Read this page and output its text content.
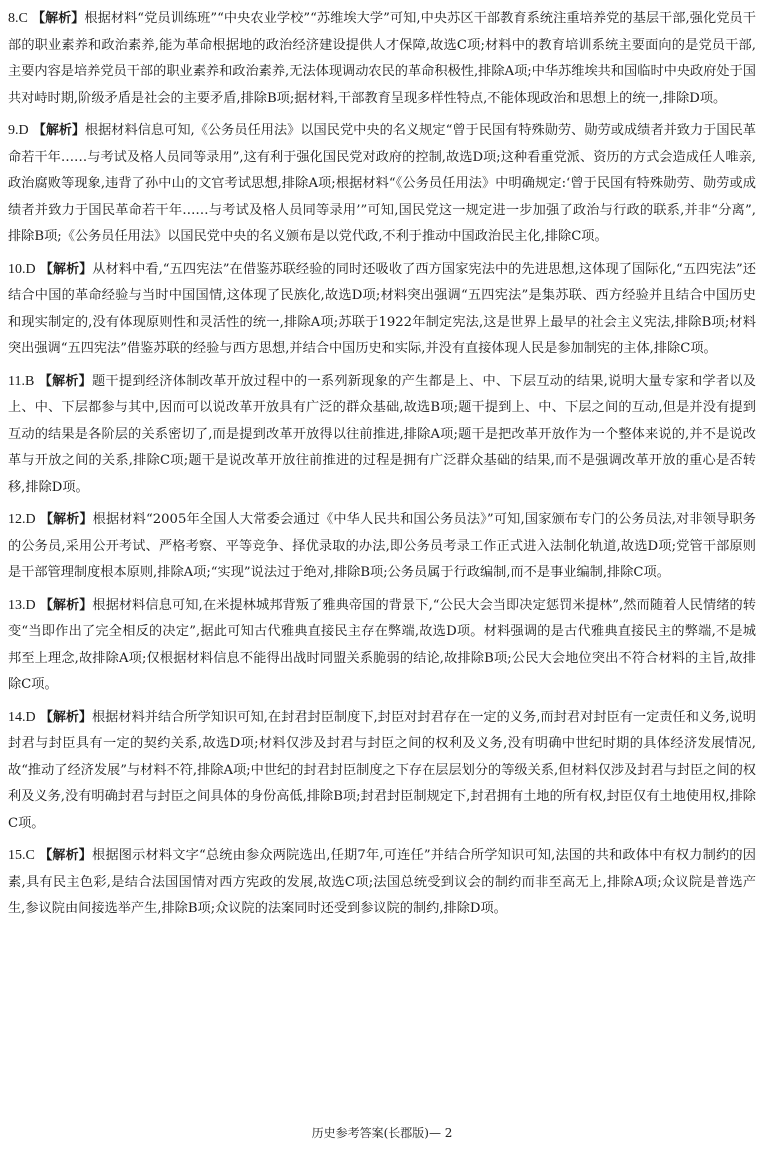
8.C 【解析】根据材料“党员训练班”“中央农业学校”“苏维埃大学”可知,中央苏区干部教育系统注重培养党的基层干部,强化党员干部的职业素养和政治素养,能为革命根据地的政治经济建设提供人才保障,故选C项;材料中的教育培训系统主要面向的是党员干部,主要内容是培养党员干部的职业素养和政治素养,无法体现调动农民的革命积极性,排除A项;中华苏维埃共和国临时中央政府处于国共对峙时期,阶级矛盾是社会的主要矛盾,排除B项;据材料,干部教育呈现多样性特点,不能体现政治和思想上的统一,排除D项。

9.D 【解析】根据材料信息可知,《公务员任用法》以国民党中央的名义规定“曾于民国有特殊勋劳、勋劳或成绩者并致力于国民革命若干年……与考试及格人员同等录用”,这有利于强化国民党对政府的控制,故选D项;这种看重党派、资历的方式会造成任人唯亲,政治腐败等现象,违背了孙中山的文官考试思想,排除A项;根据材料“《公务员任用法》中明确规定:‘曾于民国有特殊勋劳、勋劳或成绩者并致力于国民革命若干年……与考试及格人员同等录用’”可知,国民党这一规定进一步加强了政治与行政的联系,并非“分离”,排除B项;《公务员任用法》以国民党中央的名义颁布是以党代政,不利于推动中国政治民主化,排除C项。

10.D 【解析】从材料中看,“五四宪法”在借鉴苏联经验的同时还吸收了西方国家宪法中的先进思想,这体现了国际化,“五四宪法”还结合中国的革命经验与当时中国国情,这体现了民族化,故选D项;材料突出强调“五四宪法”是集苏联、西方经验并且结合中国历史和现实制定的,没有体现原则性和灵活性的统一,排除A项;苏联于1922年制定宪法,这是世界上最早的社会主义宪法,排除B项;材料突出强调“五四宪法”借鉴苏联的经验与西方思想,并结合中国历史和实际,并没有直接体现人民是参加制宪的主体,排除C项。

11.B 【解析】题干提到经济体制改革开放过程中的一系列新现象的产生都是上、中、下层互动的结果,说明大量专家和学者以及上、中、下层都参与其中,因而可以说改革开放具有广泛的群众基础,故选B项;题干提到上、中、下层之间的互动,但是并没有提到互动的结果是各阶层的关系密切了,而是提到改革开放得以往前推进,排除A项;题干是把改革开放作为一个整体来说的,并不是说改革与开放之间的关系,排除C项;题干是说改革开放往前推进的过程是拥有广泛群众基础的结果,而不是强调改革开放的重心是否转移,排除D项。

12.D 【解析】根据材料“2005年全国人大常委会通过《中华人民共和国公务员法》”可知,国家颁布专门的公务员法,对非领导职务的公务员,采用公开考试、严格考察、平等竞争、择优录取的办法,即公务员考录工作正式进入法制化轨道,故选D项;党管干部原则是干部管理制度根本原则,排除A项;“实现”说法过于绝对,排除B项;公务员属于行政编制,而不是事业编制,排除C项。

13.D 【解析】根据材料信息可知,在米提林城邦背叛了雅典帝国的背景下,“公民大会当即决定惩罚米提林”,然而随着人民情绪的转变“当即作出了完全相反的决定”,据此可知古代雅典直接民主存在弊端,故选D项。材料强调的是古代雅典直接民主的弊端,不是城邦至上理念,故排除A项;仅根据材料信息不能得出战时同盟关系脆弱的结论,故排除B项;公民大会地位突出不符合材料的主旨,故排除C项。

14.D 【解析】根据材料并结合所学知识可知,在封君封臣制度下,封臣对封君存在一定的义务,而封君对封臣有一定责任和义务,说明封君与封臣具有一定的契约关系,故选D项;材料仅涉及封君与封臣之间的权利及义务,没有明确中世纪时期的具体经济发展情况,故“推动了经济发展”与材料不符,排除A项;中世纪的封君封臣制度之下存在层层划分的等级关系,但材料仅涉及封君与封臣之间的权利及义务,没有明确封君与封臣之间具体的身份高低,排除B项;封君封臣制规定下,封君拥有土地的所有权,封臣仅有土地使用权,排除C项。

15.C 【解析】根据图示材料文字“总统由参众两院选出,任期7年,可连任”并结合所学知识可知,法国的共和政体中有权力制约的因素,具有民主色彩,是结合法国国情对西方宪政的发展,故选C项;法国总统受到议会的制约而非至高无上,排除A项;众议院是普选产生,参议院由间接选举产生,排除B项;众议院的法案同时还受到参议院的制约,排除D项。

历史参考答案(长郡版)— 2
